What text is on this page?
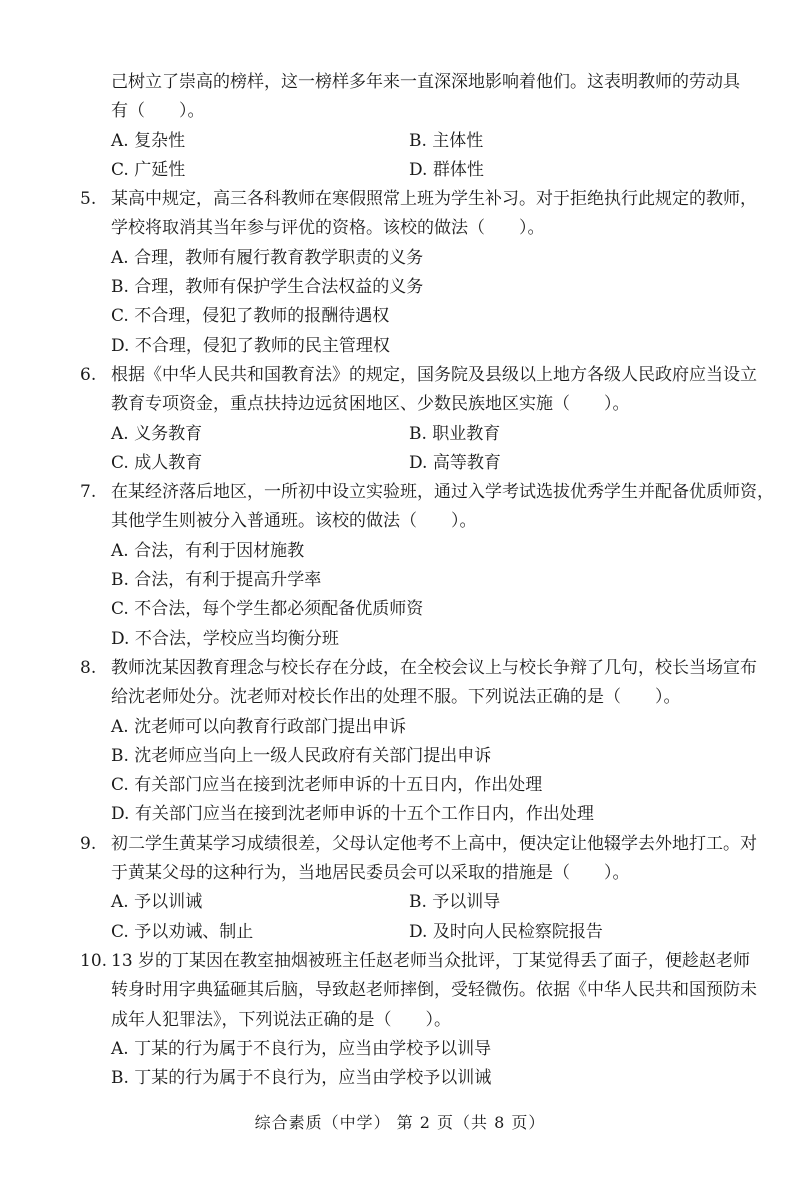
己树立了崇高的榜样，这一榜样多年来一直深深地影响着他们。这表明教师的劳动具
有（　　）。
A. 复杂性	B. 主体性
C. 广延性	D. 群体性
5. 某高中规定，高三各科教师在寒假照常上班为学生补习。对于拒绝执行此规定的教师，
学校将取消其当年参与评优的资格。该校的做法（　　）。
A. 合理，教师有履行教育教学职责的义务
B. 合理，教师有保护学生合法权益的义务
C. 不合理，侵犯了教师的报酬待遇权
D. 不合理，侵犯了教师的民主管理权
6. 根据《中华人民共和国教育法》的规定，国务院及县级以上地方各级人民政府应当设立
教育专项资金，重点扶持边远贫困地区、少数民族地区实施（　　）。
A. 义务教育	B. 职业教育
C. 成人教育	D. 高等教育
7. 在某经济落后地区，一所初中设立实验班，通过入学考试选拔优秀学生并配备优质师资，
其他学生则被分入普通班。该校的做法（　　）。
A. 合法，有利于因材施教
B. 合法，有利于提高升学率
C. 不合法，每个学生都必须配备优质师资
D. 不合法，学校应当均衡分班
8. 教师沈某因教育理念与校长存在分歧，在全校会议上与校长争辩了几句，校长当场宣布
给沈老师处分。沈老师对校长作出的处理不服。下列说法正确的是（　　）。
A. 沈老师可以向教育行政部门提出申诉
B. 沈老师应当向上一级人民政府有关部门提出申诉
C. 有关部门应当在接到沈老师申诉的十五日内，作出处理
D. 有关部门应当在接到沈老师申诉的十五个工作日内，作出处理
9. 初二学生黄某学习成绩很差，父母认定他考不上高中，便决定让他辍学去外地打工。对
于黄某父母的这种行为，当地居民委员会可以采取的措施是（　　）。
A. 予以训诫	B. 予以训导
C. 予以劝诫、制止	D. 及时向人民检察院报告
10. 13 岁的丁某因在教室抽烟被班主任赵老师当众批评，丁某觉得丢了面子，便趁赵老师
转身时用字典猛砸其后脑，导致赵老师摔倒，受轻微伤。依据《中华人民共和国预防未
成年人犯罪法》，下列说法正确的是（　　）。
A. 丁某的行为属于不良行为，应当由学校予以训导
B. 丁某的行为属于不良行为，应当由学校予以训诫
综合素质（中学） 第 2 页（共 8 页）
